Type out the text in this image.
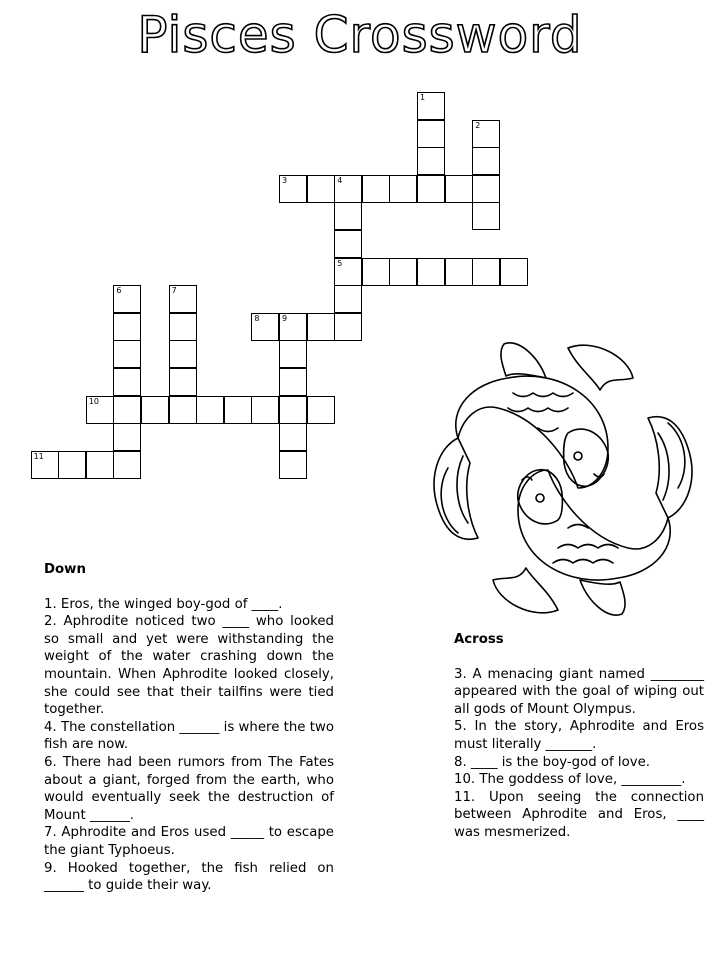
Pisces Crossword
1
2
3	4
5
6	7
8	9
10
11
Down

1. Eros, the winged boy-god of ____.

2. Aphrodite noticed two ____ who looked so small and yet were withstanding the weight of the water crashing down the mountain. When Aphrodite looked closely, she could see that their tailfins were tied together.

4. The constellation ______ is where the two fish are now.

6. There had been rumors from The Fates about a giant, forged from the earth, who would eventually seek the destruction of Mount ______.

7. Aphrodite and Eros used _____ to escape the giant Typhoeus.

9. Hooked together, the fish relied on ______ to guide their way.

Across

3. A menacing giant named ________ appeared with the goal of wiping out all gods of Mount Olympus.

5. In the story, Aphrodite and Eros must literally _______.

8. ____ is the boy-god of love.

10. The goddess of love, _________.

11. Upon seeing the connection between Aphrodite and Eros, ____ was mesmerized.
